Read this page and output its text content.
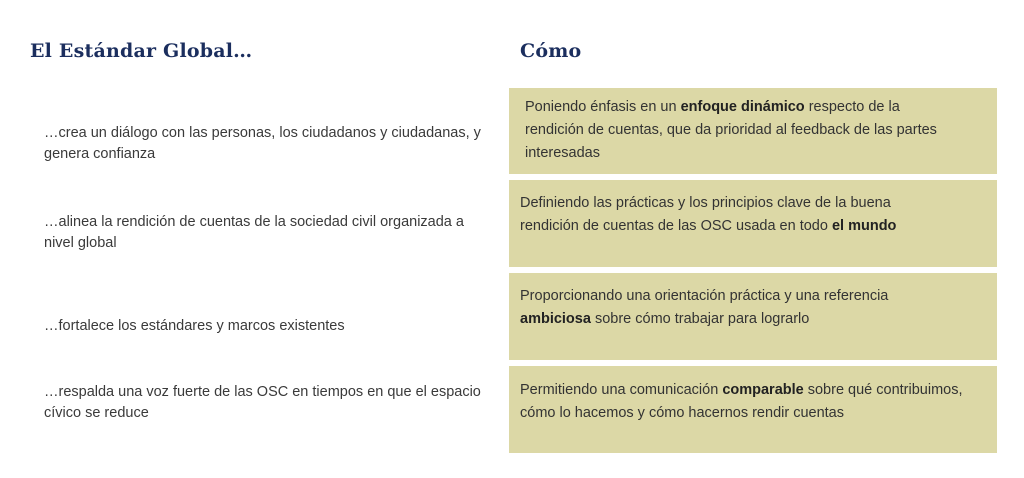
El Estándar Global…	Cómo
…crea un diálogo con las personas, los ciudadanos y ciudadanas, y genera confianza
…alinea la rendición de cuentas de la sociedad civil organizada a nivel global
…fortalece los estándares y marcos existentes
…respalda una voz fuerte de las OSC en tiempos en que el espacio cívico se reduce
Poniendo énfasis en un enfoque dinámico respecto de la rendición de cuentas, que da prioridad al feedback de las partes interesadas
Definiendo las prácticas y los principios clave de la buena rendición de cuentas de las OSC usada en todo el mundo
Proporcionando una orientación práctica y una referencia ambiciosa sobre cómo trabajar para lograrlo
Permitiendo una comunicación comparable sobre qué contribuimos, cómo lo hacemos y cómo hacernos rendir cuentas
